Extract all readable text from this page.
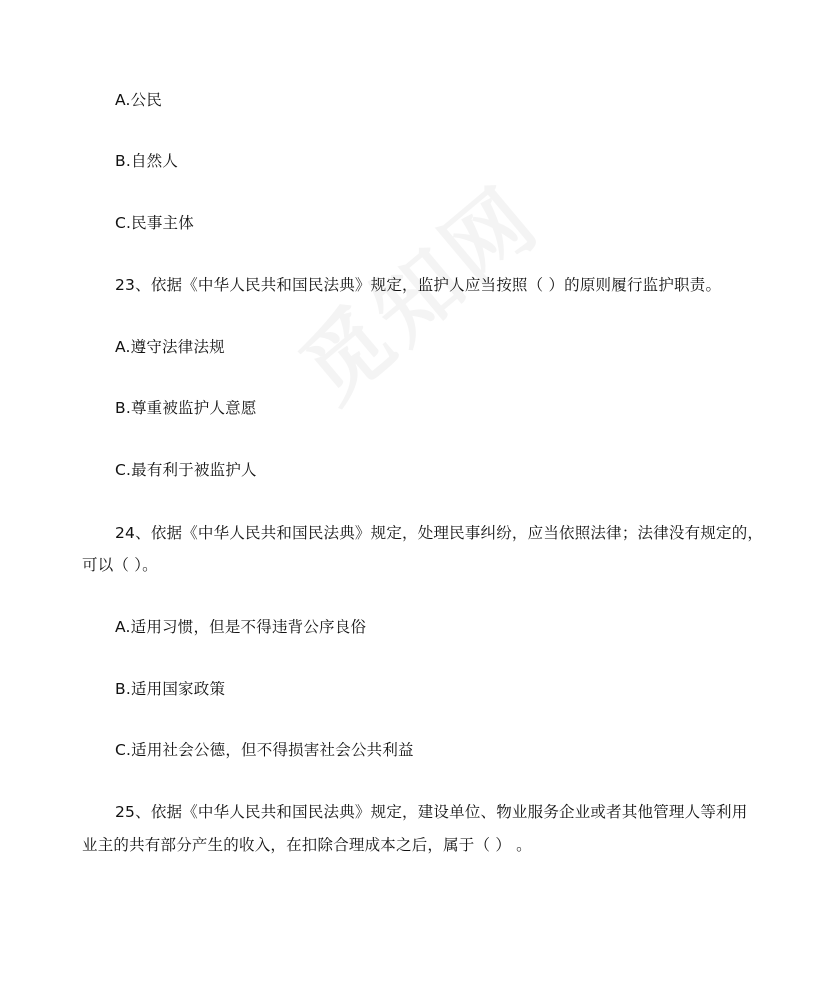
A.公民
B.自然人
C.民事主体
23、依据《中华人民共和国民法典》规定，监护人应当按照（ ）的原则履行监护职责。
A.遵守法律法规
B.尊重被监护人意愿
C.最有利于被监护人
24、依据《中华人民共和国民法典》规定，处理民事纠纷，应当依照法律；法律没有规定的，
可以（ ）。
A.适用习惯，但是不得违背公序良俗
B.适用国家政策
C.适用社会公德，但不得损害社会公共利益
25、依据《中华人民共和国民法典》规定，建设单位、物业服务企业或者其他管理人等利用
业主的共有部分产生的收入，在扣除合理成本之后，属于（ ） 。
